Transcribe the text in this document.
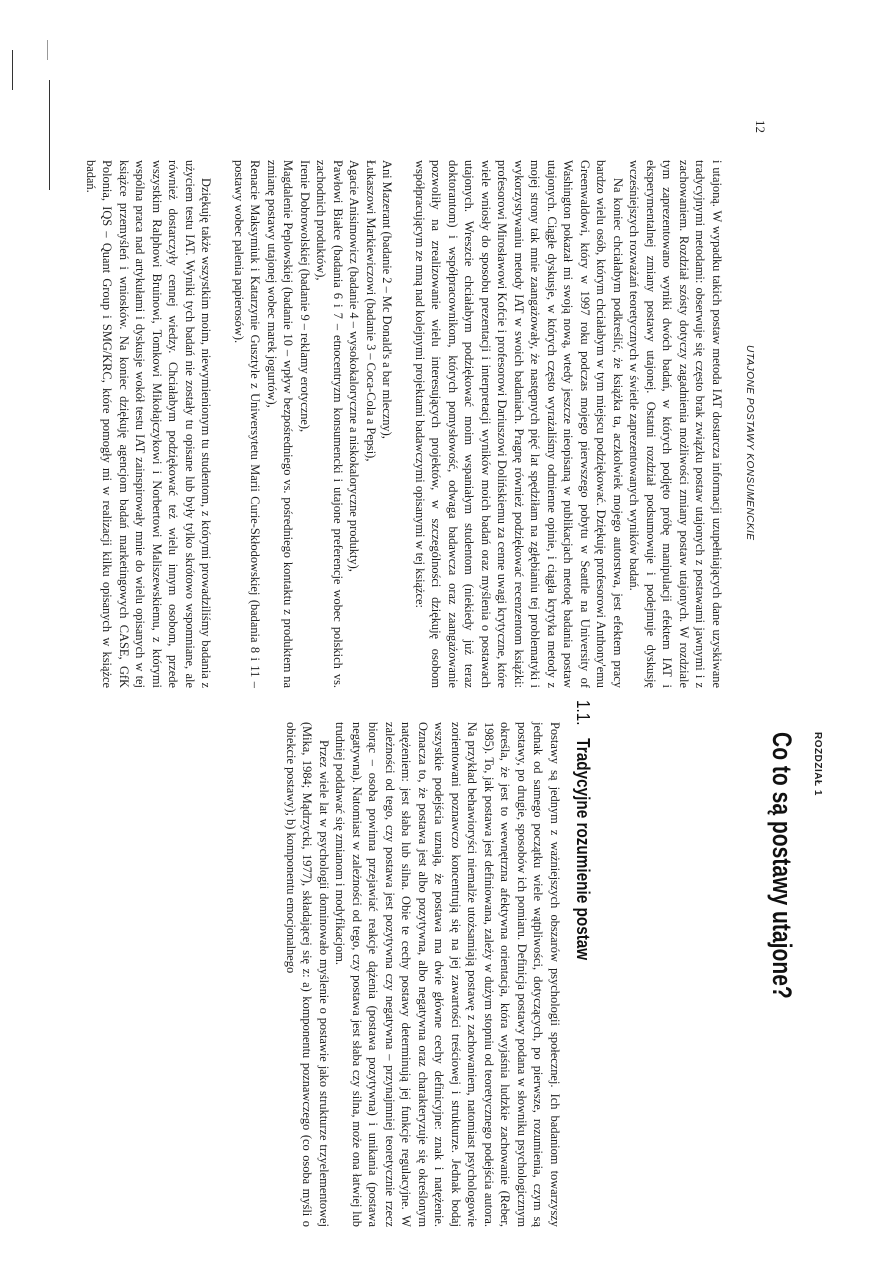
12
UTAJONE POSTAWY KONSUMENCKIE

i utajoną. W wypadku takich postaw metoda IAT dostarcza informacji uzupełniających dane uzyskiwane tradycyjnymi metodami: obserwuje się często brak związku postaw utajonych z postawami jawnymi i z zachowaniem. Rozdział szósty dotyczy zagadnienia możliwości zmiany postaw utajonych. W rozdziale tym zaprezentowano wyniki dwóch badań, w których podjęto próbę manipulacji efektem IAT i eksperymentalnej zmiany postawy utajonej. Ostatni rozdział podsumowuje i podejmuje dyskusję wcześniejszych rozważań teoretycznych w świetle zaprezentowanych wyników badań.

Na koniec chciałabym podkreślić, że książka ta, aczkolwiek mojego autorstwa, jest efektem pracy bardzo wielu osób, którym chciałabym w tym miejscu podziękować. Dziękuję profesorowi Anthony'emu Greenwaldowi, który w 1997 roku podczas mojego pierwszego pobytu w Seattle na University of Washington pokazał mi swoją nową, wtedy jeszcze nieopisaną w publikacjach metodę badania postaw utajonych. Ciągłe dyskusje, w których często wyrażaliśmy odmienne opinie, i ciągła krytyka metody z mojej strony tak mnie zaangażowały, że następnych pięć lat spędziłam na zgłębianiu tej problematyki i wykorzystywaniu metody IAT w swoich badaniach. Pragnę również podziękować recenzentom książki: profesorowi Mirosławowi Kofcie i profesorowi Dariuszowi Dolińskiemu za cenne uwagi krytyczne, które wiele wniosły do sposobu prezentacji i interpretacji wyników moich badań oraz myślenia o postawach utajonych. Wreszcie chciałabym podziękować moim wspaniałym studentom (niekiedy już teraz doktorantom) i współpracownikom, których pomysłowość, odwaga badawcza oraz zaangażowanie pozwoliły na zrealizowanie wielu interesujących projektów, w szczególności dziękuję osobom współpracującym ze mną nad kolejnymi projektami badawczymi opisanymi w tej książce:

Ani Mazerant (badanie 2 – Mc Donald's a bar mleczny),

Łukaszowi Markiewiczowi (badanie 3 – Coca-Cola a Pepsi),

Agacie Anisimowicz (badanie 4 – wysokokaloryczne a niskokaloryczne produkty),

Pawłowi Białce (badania 6 i 7 – etnocentryzm konsumencki i utajone preferencje wobec polskich vs. zachodnich produktów),

Irenie Dobrowolskiej (badanie 9 – reklamy erotyczne),

Magdalenie Peplowskiej (badanie 10 – wpływ bezpośredniego vs. pośredniego kontaktu z produktem na zmianę postawy utajonej wobec marek jogurtów),

Renacie Maksymiuk i Katarzynie Gusztyle z Uniwersytetu Marii Curie-Skłodowskiej (badania 8 i 11 – postawy wobec palenia papierosów).

Dziękuję także wszystkim moim, niewymienionym tu studentom, z którymi prowadziliśmy badania z użyciem testu IAT. Wyniki tych badań nie zostały tu opisane lub były tylko skrótowo wspomniane, ale również dostarczyły cennej wiedzy. Chciałabym podziękować też wielu innym osobom, przede wszystkim Ralphowi Bruinowi, Tomkowi Mikołajczykowi i Norbertowi Maliszewskiemu, z którymi wspólna praca nad artykułami i dyskusje wokół testu IAT zainspirowały mnie do wielu opisanych w tej książce przemyśleń i wniosków. Na koniec dziękuję agencjom badań marketingowych CASE, GfK Polonia, IQS – Quant Group i SMG/KRC, które pomogły mi w realizacji kilku opisanych w książce badań.

ROZDZIAŁ 1
Co to są postawy utajone?
1.1. Tradycyjne rozumienie postaw

Postawy są jednym z ważniejszych obszarów psychologii społecznej. Ich badaniom towarzyszy jednak od samego początku wiele wątpliwości, dotyczących, po pierwsze, rozumienia, czym są postawy, po drugie, sposobów ich pomiaru. Definicja postawy podana w słowniku psychologicznym określa, że jest to wewnętrzna afektywna orientacja, która wyjaśnia ludzkie zachowanie (Reber, 1985). To, jak postawa jest definiowana, zależy w dużym stopniu od teoretycznego podejścia autora. Na przykład behawioryści niemalże utożsamiają postawę z zachowaniem, natomiast psychologowie zorientowani poznawczo koncentrują się na jej zawartości treściowej i strukturze. Jednak bodaj wszystkie podejścia uznają, że postawa ma dwie główne cechy definicyjne: znak i natężenie. Oznacza to, że postawa jest albo pozytywna, albo negatywna oraz charakteryzuje się określonym natężeniem: jest słaba lub silna. Obie te cechy postawy determinują jej funkcje regulacyjne. W zależności od tego, czy postawa jest pozytywna czy negatywna – przynajmniej teoretycznie rzecz biorąc – osoba powinna przejawiać reakcje dążenia (postawa pozytywna) i unikania (postawa negatywna). Natomiast w zależności od tego, czy postawa jest słaba czy silna, może ona łatwiej lub trudniej poddawać się zmianom i modyfikacjom.

Przez wiele lat w psychologii dominowało myślenie o postawie jako strukturze trzyelementowej (Mika, 1984; Mądrzycki, 1977), składającej się z: a) komponentu poznawczego (co osoba myśli o obiekcie postawy); b) komponentu emocjonalnego
